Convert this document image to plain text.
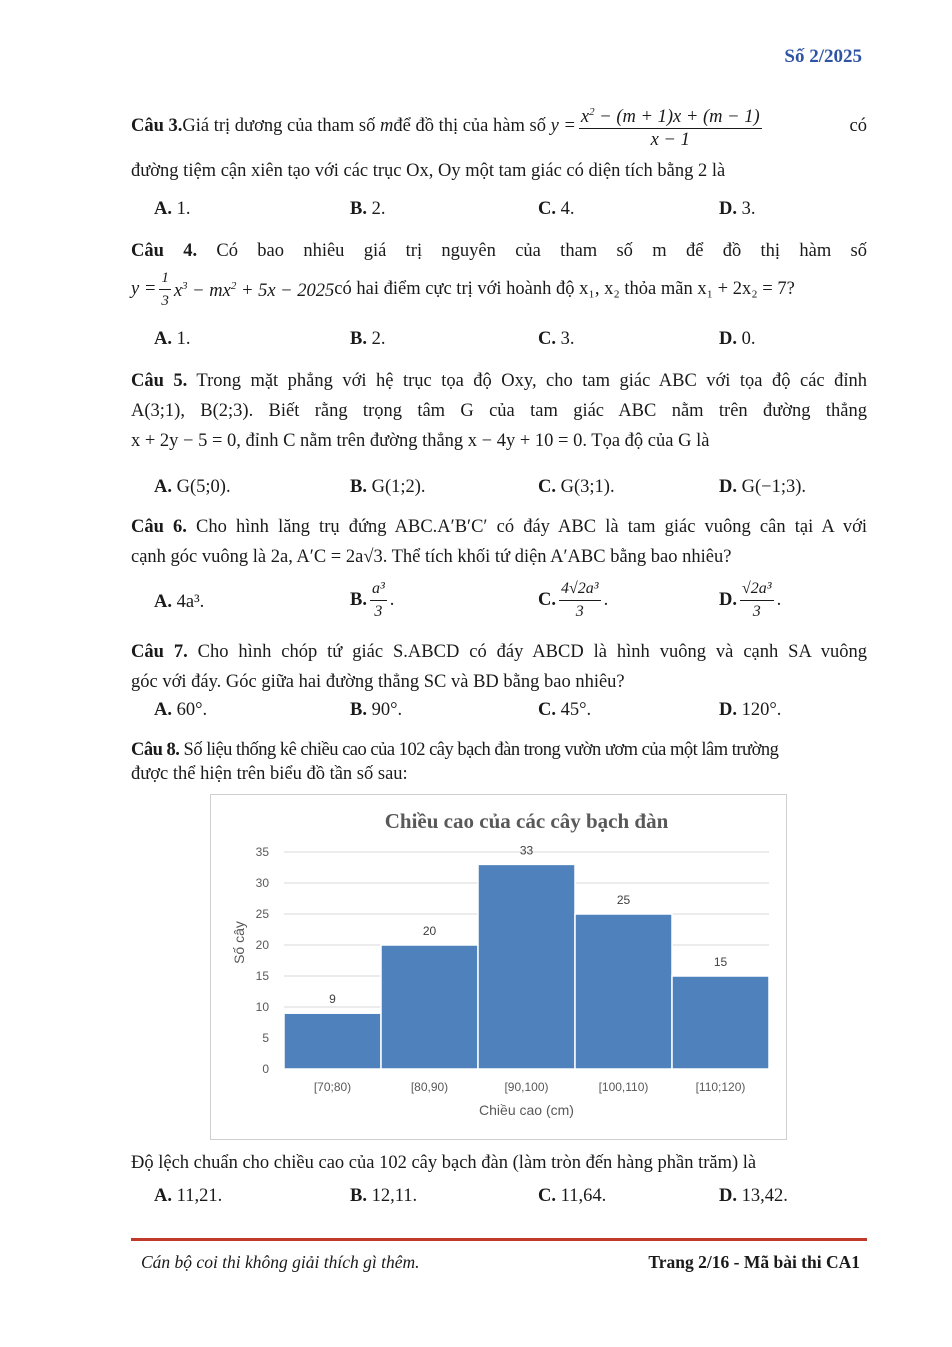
Số 2/2025
Câu 3. Giá trị dương của tham số
m để đồ thị của hàm số
$y = \frac{x^2 - (m + 1)x + (m - 1)}{x - 1}$	có
đường tiệm cận xiên tạo với các trục Ox, Oy một tam giác có diện tích bằng 2 là
A. 1.	B. 2.	C. 4.	D. 3.
Câu 4. Có bao nhiêu giá trị nguyên của tham số m để đồ thị hàm số
$y = \frac{1}{3} x^3 - mx^2 + 5x - 2025$ có hai điểm cực trị với hoành độ x₁, x₂ thỏa mãn x₁ + 2x₂ = 7?
A. 1.	B. 2.	C. 3.	D. 0.
Câu 5. Trong mặt phẳng với hệ trục tọa độ Oxy, cho tam giác ABC với tọa độ các đỉnh
A(3;1), B(2;3). Biết rằng trọng tâm G của tam giác ABC nằm trên đường thẳng
x + 2y − 5 = 0, đỉnh C nằm trên đường thẳng x − 4y + 10 = 0. Tọa độ của G là
A. G(5;0).	B. G(1;2).	C. G(3;1).	D. G(−1;3).
Câu 6. Cho hình lăng trụ đứng ABC.A′B′C′ có đáy ABC là tam giác vuông cân tại A với
cạnh góc vuông là 2a, A′C = 2a√3. Thể tích khối tứ diện A′ABC bằng bao nhiêu?
A. 4a³.	B. $\frac{\text{a³}}{3}$ .	C. $\frac{\text{4√2a³}}{3}$ .	D. $\frac{\text{√2a³}}{3}$ .
Câu 7. Cho hình chóp tứ giác S.ABCD có đáy ABCD là hình vuông và cạnh SA vuông
góc với đáy. Góc giữa hai đường thẳng SC và BD bằng bao nhiêu?
A. 60°.	B. 90°.	C. 45°.	D. 120°.
Câu 8. Số liệu thống kê chiều cao của 102 cây bạch đàn trong vườn ươm của một lâm trường
được thể hiện trên biểu đồ tần số sau:
Chiều cao của các cây bạch đàn
0
5
10
15
20
25
30
35
9
[70;80)
20
[80,90)
33
[90,100)
25
[100,110)
15
[110;120)
Chiều cao (cm)
Số cây
Độ lệch chuẩn cho chiều cao của 102 cây bạch đàn (làm tròn đến hàng phần trăm) là
A. 11,21.	B. 12,11.	C. 11,64.	D. 13,42.
Cán bộ coi thi không giải thích gì thêm.	Trang 2/16 - Mã bài thi CA1
